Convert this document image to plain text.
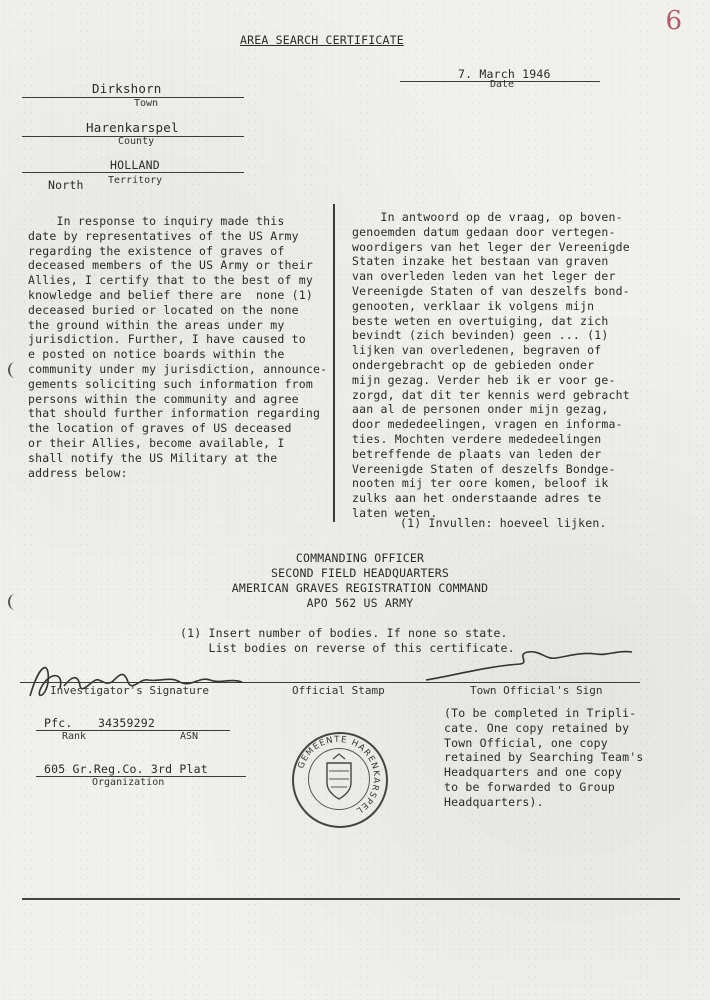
6
AREA SEARCH CERTIFICATE
Dirkshorn
Town
Harenkarspel
County
HOLLAND
North Territory
7. March 1946
Date
In response to inquiry made this
date by representatives of the US Army
regarding the existence of graves of
deceased members of the US Army or their
Allies, I certify that to the best of my
knowledge and belief there are  none (1)
deceased buried or located on the none
the ground within the areas under my
jurisdiction. Further, I have caused to
e posted on notice boards within the
community under my jurisdiction, announce-
gements soliciting such information from
persons within the community and agree
that should further information regarding
the location of graves of US deceased
or their Allies, become available, I
shall notify the US Military at the
address below:
In antwoord op de vraag, op boven-
genoemden datum gedaan door vertegen-
woordigers van het leger der Vereenigde
Staten inzake het bestaan van graven
van overleden leden van het leger der
Vereenigde Staten of van deszelfs bond-
genooten, verklaar ik volgens mijn
beste weten en overtuiging, dat zich
bevindt (zich bevinden) geen ... (1)
lijken van overledenen, begraven of
ondergebracht op de gebieden onder
mijn gezag. Verder heb ik er voor ge-
zorgd, dat dit ter kennis werd gebracht
aan al de personen onder mijn gezag,
door mededeelingen, vragen en informa-
ties. Mochten verdere mededeelingen
betreffende de plaats van leden der
Vereenigde Staten of deszelfs Bondge-
nooten mij ter oore komen, beloof ik
zulks aan het onderstaande adres te
laten weten.
(1) Invullen: hoeveel lijken.
COMMANDING OFFICER
SECOND FIELD HEADQUARTERS
AMERICAN GRAVES REGISTRATION COMMAND
APO 562 US ARMY
(1) Insert number of bodies. If none so state.
List bodies on reverse of this certificate.
Investigator's Signature	Official Stamp	Town Official's Sign
Pfc. 34359292
Rank	ASN
605 Gr.Reg.Co. 3rd Plat
Organization
GEMEENTE HARENKARSPEL
(To be completed in Tripli-
cate. One copy retained by
Town Official, one copy
retained by Searching Team's
Headquarters and one copy
to be forwarded to Group
Headquarters).
